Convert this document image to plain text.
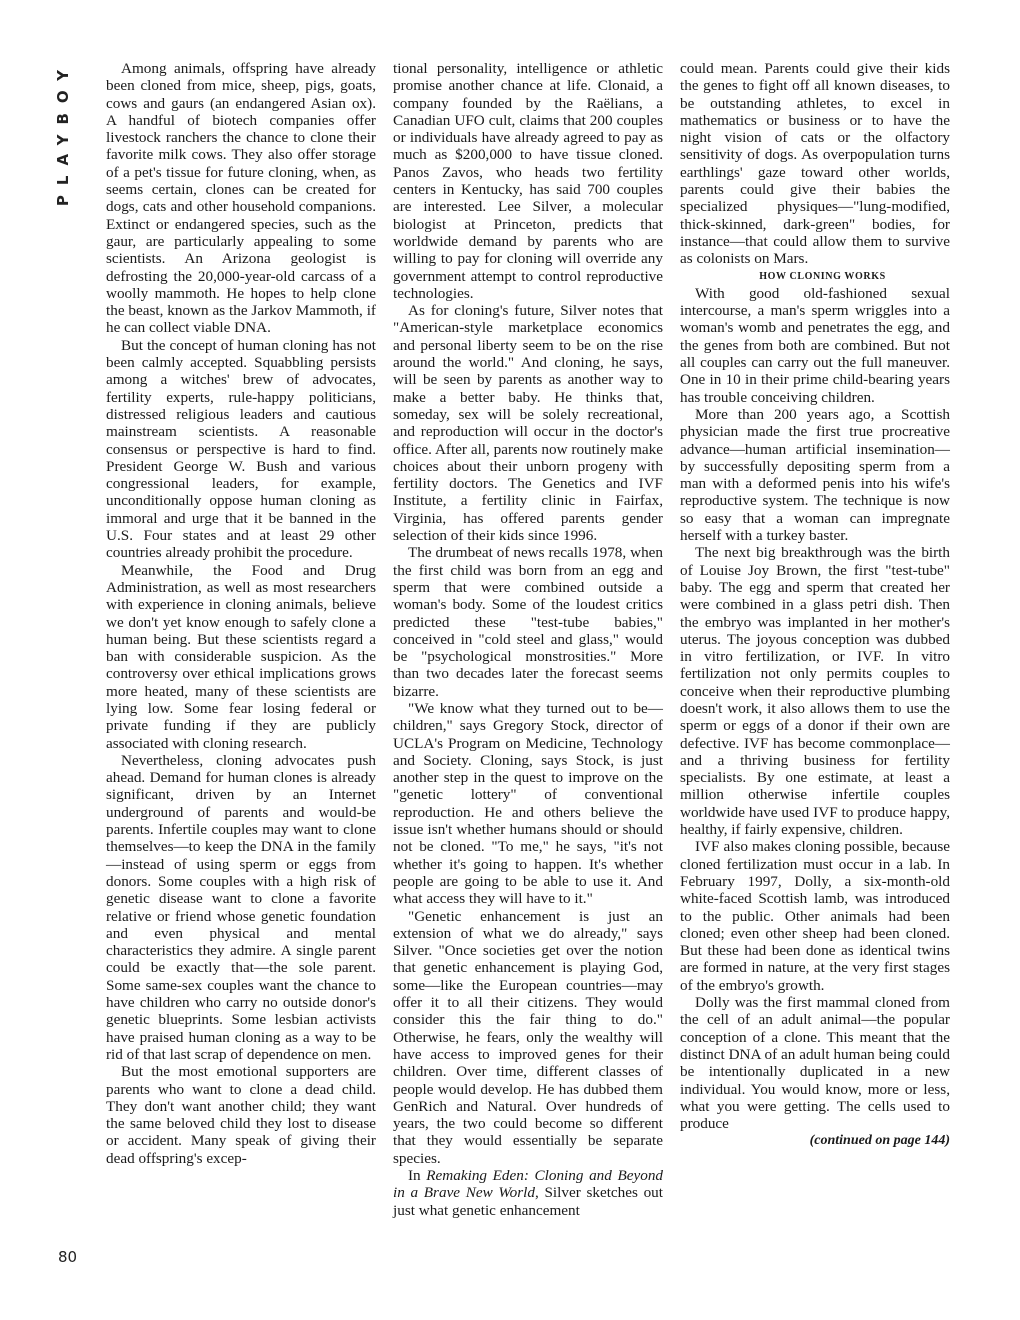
PLAYBOY
80

Among animals, offspring have already been cloned from mice, sheep, pigs, goats, cows and gaurs (an endangered Asian ox). A handful of biotech companies offer livestock ranchers the chance to clone their favorite milk cows. They also offer storage of a pet's tissue for future cloning, when, as seems certain, clones can be created for dogs, cats and other household companions. Extinct or endangered species, such as the gaur, are particularly appealing to some scientists. An Arizona geologist is defrosting the 20,000-year-old carcass of a woolly mammoth. He hopes to help clone the beast, known as the Jarkov Mammoth, if he can collect viable DNA.

But the concept of human cloning has not been calmly accepted. Squabbling persists among a witches' brew of advocates, fertility experts, rule-happy politicians, distressed religious leaders and cautious mainstream scientists. A reasonable consensus or perspective is hard to find. President George W. Bush and various congressional leaders, for example, unconditionally oppose human cloning as immoral and urge that it be banned in the U.S. Four states and at least 29 other countries already prohibit the procedure.

Meanwhile, the Food and Drug Administration, as well as most researchers with experience in cloning animals, believe we don't yet know enough to safely clone a human being. But these scientists regard a ban with considerable suspicion. As the controversy over ethical implications grows more heated, many of these scientists are lying low. Some fear losing federal or private funding if they are publicly associated with cloning research.

Nevertheless, cloning advocates push ahead. Demand for human clones is already significant, driven by an Internet underground of parents and would-be parents. Infertile couples may want to clone themselves—to keep the DNA in the family—instead of using sperm or eggs from donors. Some couples with a high risk of genetic disease want to clone a favorite relative or friend whose genetic foundation and even physical and mental characteristics they admire. A single parent could be exactly that—the sole parent. Some same-sex couples want the chance to have children who carry no outside donor's genetic blueprints. Some lesbian activists have praised human cloning as a way to be rid of that last scrap of dependence on men.

But the most emotional supporters are parents who want to clone a dead child. They don't want another child; they want the same beloved child they lost to disease or accident. Many speak of giving their dead offspring's excep-

tional personality, intelligence or athletic promise another chance at life. Clonaid, a company founded by the Raëlians, a Canadian UFO cult, claims that 200 couples or individuals have already agreed to pay as much as $200,000 to have tissue cloned. Panos Zavos, who heads two fertility centers in Kentucky, has said 700 couples are interested. Lee Silver, a molecular biologist at Princeton, predicts that worldwide demand by parents who are willing to pay for cloning will override any government attempt to control reproductive technologies.

As for cloning's future, Silver notes that "American-style marketplace economics and personal liberty seem to be on the rise around the world." And cloning, he says, will be seen by parents as another way to make a better baby. He thinks that, someday, sex will be solely recreational, and reproduction will occur in the doctor's office. After all, parents now routinely make choices about their unborn progeny with fertility doctors. The Genetics and IVF Institute, a fertility clinic in Fairfax, Virginia, has offered parents gender selection of their kids since 1996.

The drumbeat of news recalls 1978, when the first child was born from an egg and sperm that were combined outside a woman's body. Some of the loudest critics predicted these "test-tube babies," conceived in "cold steel and glass," would be "psychological monstrosities." More than two decades later the forecast seems bizarre.

"We know what they turned out to be—children," says Gregory Stock, director of UCLA's Program on Medicine, Technology and Society. Cloning, says Stock, is just another step in the quest to improve on the "genetic lottery" of conventional reproduction. He and others believe the issue isn't whether humans should or should not be cloned. "To me," he says, "it's not whether it's going to happen. It's whether people are going to be able to use it. And what access they will have to it."

"Genetic enhancement is just an extension of what we do already," says Silver. "Once societies get over the notion that genetic enhancement is playing God, some—like the European countries—may offer it to all their citizens. They would consider this the fair thing to do." Otherwise, he fears, only the wealthy will have access to improved genes for their children. Over time, different classes of people would develop. He has dubbed them GenRich and Natural. Over hundreds of years, the two could become so different that they would essentially be separate species.

In Remaking Eden: Cloning and Beyond in a Brave New World, Silver sketches out just what genetic enhancement

could mean. Parents could give their kids the genes to fight off all known diseases, to be outstanding athletes, to excel in mathematics or business or to have the night vision of cats or the olfactory sensitivity of dogs. As overpopulation turns earthlings' gaze toward other worlds, parents could give their babies the specialized physiques—"lung-modified, thick-skinned, dark-green" bodies, for instance—that could allow them to survive as colonists on Mars.

HOW CLONING WORKS

With good old-fashioned sexual intercourse, a man's sperm wriggles into a woman's womb and penetrates the egg, and the genes from both are combined. But not all couples can carry out the full maneuver. One in 10 in their prime child-bearing years has trouble conceiving children.

More than 200 years ago, a Scottish physician made the first true procreative advance—human artificial insemination—by successfully depositing sperm from a man with a deformed penis into his wife's reproductive system. The technique is now so easy that a woman can impregnate herself with a turkey baster.

The next big breakthrough was the birth of Louise Joy Brown, the first "test-tube" baby. The egg and sperm that created her were combined in a glass petri dish. Then the embryo was implanted in her mother's uterus. The joyous conception was dubbed in vitro fertilization, or IVF. In vitro fertilization not only permits couples to conceive when their reproductive plumbing doesn't work, it also allows them to use the sperm or eggs of a donor if their own are defective. IVF has become commonplace—and a thriving business for fertility specialists. By one estimate, at least a million otherwise infertile couples worldwide have used IVF to produce happy, healthy, if fairly expensive, children.

IVF also makes cloning possible, because cloned fertilization must occur in a lab. In February 1997, Dolly, a six-month-old white-faced Scottish lamb, was introduced to the public. Other animals had been cloned; even other sheep had been cloned. But these had been done as identical twins are formed in nature, at the very first stages of the embryo's growth.

Dolly was the first mammal cloned from the cell of an adult animal—the popular conception of a clone. This meant that the distinct DNA of an adult human being could be intentionally duplicated in a new individual. You would know, more or less, what you were getting. The cells used to produce

(continued on page 144)
